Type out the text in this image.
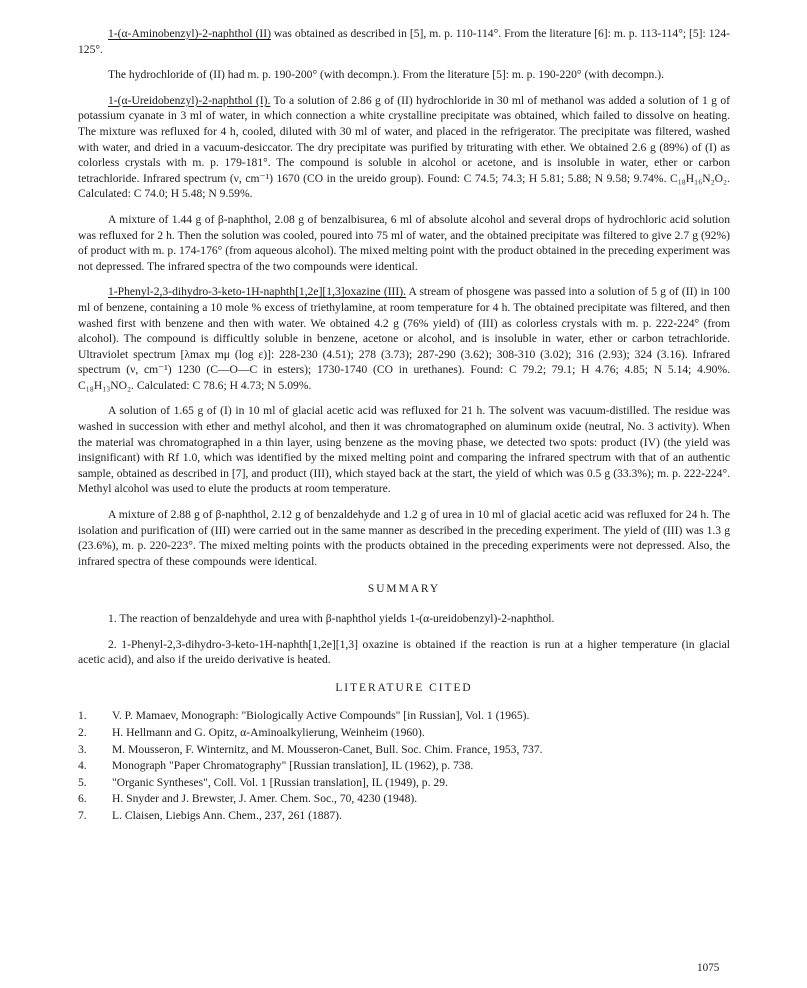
1-(α-Aminobenzyl)-2-naphthol (II) was obtained as described in [5], m. p. 110-114°. From the literature [6]: m. p. 113-114°; [5]: 124-125°.

The hydrochloride of (II) had m. p. 190-200° (with decompn.). From the literature [5]: m. p. 190-220° (with decompn.).

1-(α-Ureidobenzyl)-2-naphthol (I). To a solution of 2.86 g of (II) hydrochloride in 30 ml of methanol was added a solution of 1 g of potassium cyanate in 3 ml of water, in which connection a white crystalline precipitate was obtained, which failed to dissolve on heating. The mixture was refluxed for 4 h, cooled, diluted with 30 ml of water, and placed in the refrigerator. The precipitate was filtered, washed with water, and dried in a vacuum-desiccator. The dry precipitate was purified by triturating with ether. We obtained 2.6 g (89%) of (I) as colorless crystals with m. p. 179-181°. The compound is soluble in alcohol or acetone, and is insoluble in water, ether or carbon tetrachloride. Infrared spectrum (ν, cm⁻¹) 1670 (CO in the ureido group). Found: C 74.5; 74.3; H 5.81; 5.88; N 9.58; 9.74%. C₁₈H₁₆N₂O₂. Calculated: C 74.0; H 5.48; N 9.59%.

A mixture of 1.44 g of β-naphthol, 2.08 g of benzalbisurea, 6 ml of absolute alcohol and several drops of hydrochloric acid solution was refluxed for 2 h. Then the solution was cooled, poured into 75 ml of water, and the obtained precipitate was filtered to give 2.7 g (92%) of product with m. p. 174-176° (from aqueous alcohol). The mixed melting point with the product obtained in the preceding experiment was not depressed. The infrared spectra of the two compounds were identical.

1-Phenyl-2,3-dihydro-3-keto-1H-naphth[1,2e][1,3]oxazine (III). A stream of phosgene was passed into a solution of 5 g of (II) in 100 ml of benzene, containing a 10 mole % excess of triethylamine, at room temperature for 4 h. The obtained precipitate was filtered, and then washed first with benzene and then with water. We obtained 4.2 g (76% yield) of (III) as colorless crystals with m. p. 222-224° (from alcohol). The compound is difficultly soluble in benzene, acetone or alcohol, and is insoluble in water, ether or carbon tetrachloride. Ultraviolet spectrum [λmax mμ (log ε)]: 228-230 (4.51); 278 (3.73); 287-290 (3.62); 308-310 (3.02); 316 (2.93); 324 (3.16). Infrared spectrum (ν, cm⁻¹) 1230 (C—O—C in esters); 1730-1740 (CO in urethanes). Found: C 79.2; 79.1; H 4.76; 4.85; N 5.14; 4.90%. C₁₈H₁₃NO₂. Calculated: C 78.6; H 4.73; N 5.09%.

A solution of 1.65 g of (I) in 10 ml of glacial acetic acid was refluxed for 21 h. The solvent was vacuum-distilled. The residue was washed in succession with ether and methyl alcohol, and then it was chromatographed on aluminum oxide (neutral, No. 3 activity). When the material was chromatographed in a thin layer, using benzene as the moving phase, we detected two spots: product (IV) (the yield was insignificant) with Rf 1.0, which was identified by the mixed melting point and comparing the infrared spectrum with that of an authentic sample, obtained as described in [7], and product (III), which stayed back at the start, the yield of which was 0.5 g (33.3%); m. p. 222-224°. Methyl alcohol was used to elute the products at room temperature.

A mixture of 2.88 g of β-naphthol, 2.12 g of benzaldehyde and 1.2 g of urea in 10 ml of glacial acetic acid was refluxed for 24 h. The isolation and purification of (III) were carried out in the same manner as described in the preceding experiment. The yield of (III) was 1.3 g (23.6%), m. p. 220-223°. The mixed melting points with the products obtained in the preceding experiments were not depressed. Also, the infrared spectra of these compounds were identical.

SUMMARY
1. The reaction of benzaldehyde and urea with β-naphthol yields 1-(α-ureidobenzyl)-2-naphthol.
2. 1-Phenyl-2,3-dihydro-3-keto-1H-naphth[1,2e][1,3] oxazine is obtained if the reaction is run at a higher temperature (in glacial acetic acid), and also if the ureido derivative is heated.
LITERATURE CITED
1.	V. P. Mamaev, Monograph: "Biologically Active Compounds" [in Russian], Vol. 1 (1965).
2.	H. Hellmann and G. Opitz, α-Aminoalkylierung, Weinheim (1960).
3.	M. Mousseron, F. Winternitz, and M. Mousseron-Canet, Bull. Soc. Chim. France, 1953, 737.
4.	Monograph "Paper Chromatography" [Russian translation], IL (1962), p. 738.
5.	"Organic Syntheses", Coll. Vol. 1 [Russian translation], IL (1949), p. 29.
6.	H. Snyder and J. Brewster, J. Amer. Chem. Soc., 70, 4230 (1948).
7.	L. Claisen, Liebigs Ann. Chem., 237, 261 (1887).
1075
